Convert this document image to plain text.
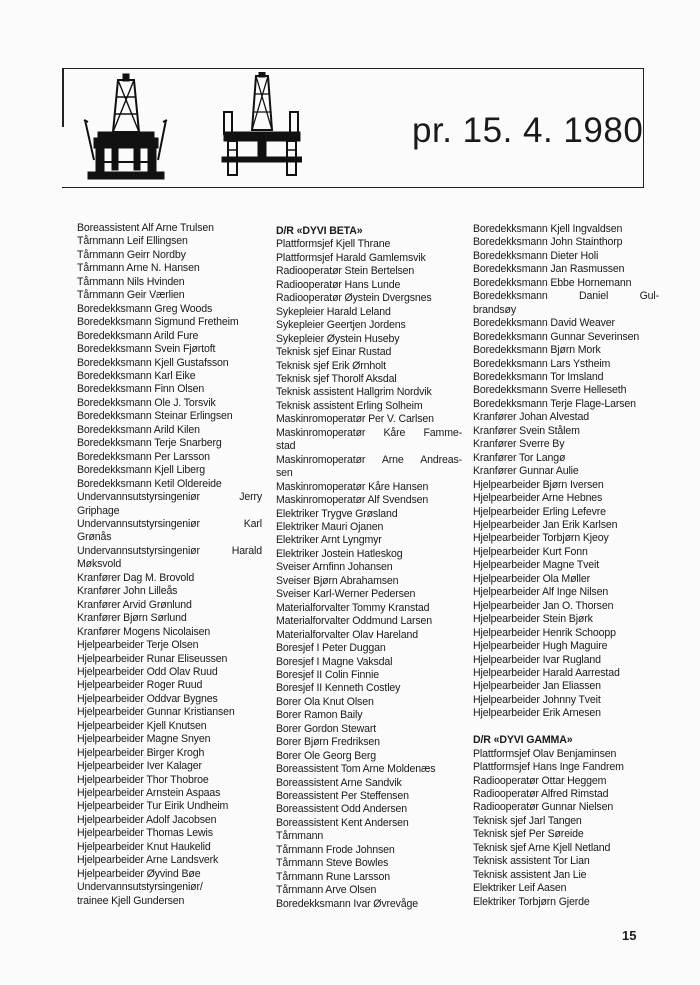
pr. 15. 4. 1980
Boreassistent Alf Arne Trulsen
Tårnmann Leif Ellingsen
Tårnmann Geirr Nordby
Tårnmann Arne N. Hansen
Tårnmann Nils Hvinden
Tårnmann Geir Værlien
Boredekksmann Greg Woods
Boredekksmann Sigmund Fretheim
Boredekksmann Arild Fure
Boredekksmann Svein Fjørtoft
Boredekksmann Kjell Gustafsson
Boredekksmann Karl Eike
Boredekksmann Finn Olsen
Boredekksmann Ole J. Torsvik
Boredekksmann Steinar Erlingsen
Boredekksmann Arild Kilen
Boredekksmann Terje Snarberg
Boredekksmann Per Larsson
Boredekksmann Kjell Liberg
Boredekksmann Ketil Oldereide
Undervannsutstyrsingeniør	Jerry
Griphage
Undervannsutstyrsingeniør	Karl
Grønås
Undervannsutstyrsingeniør	Harald
Møksvold
Kranfører Dag M. Brovold
Kranfører John Lilleås
Kranfører Arvid Grønlund
Kranfører Bjørn Sørlund
Kranfører Mogens Nicolaisen
Hjelpearbeider Terje Olsen
Hjelpearbeider Runar Eliseussen
Hjelpearbeider Odd Olav Ruud
Hjelpearbeider Roger Ruud
Hjelpearbeider Oddvar Bygnes
Hjelpearbeider Gunnar Kristiansen
Hjelpearbeider Kjell Knutsen
Hjelpearbeider Magne Snyen
Hjelpearbeider Birger Krogh
Hjelpearbeider Iver Kalager
Hjelpearbeider Thor Thobroe
Hjelpearbeider Arnstein Aspaas
Hjelpearbeider Tur Eirik Undheim
Hjelpearbeider Adolf Jacobsen
Hjelpearbeider Thomas Lewis
Hjelpearbeider Knut Haukelid
Hjelpearbeider Arne Landsverk
Hjelpearbeider Øyvind Bøe
Undervannsutstyrsingeniør/
trainee Kjell Gundersen
D/R «DYVI BETA»
Plattformsjef Kjell Thrane
Plattformsjef Harald Gamlemsvik
Radiooperatør Stein Bertelsen
Radiooperatør Hans Lunde
Radiooperatør Øystein Dvergsnes
Sykepleier Harald Leland
Sykepleier Geertjen Jordens
Sykepleier Øystein Huseby
Teknisk sjef Einar Rustad
Teknisk sjef Erik Ørnholt
Teknisk sjef Thorolf Aksdal
Teknisk assistent Hallgrim Nordvik
Teknisk assistent Erling Solheim
Maskinromoperatør Per V. Carlsen
Maskinromoperatør Kåre Famme-
stad
Maskinromoperatør Arne Andreas-
sen
Maskinromoperatør Kåre Hansen
Maskinromoperatør Alf Svendsen
Elektriker Trygve Grøsland
Elektriker Mauri Ojanen
Elektriker Arnt Lyngmyr
Elektriker Jostein Hatleskog
Sveiser Arnfinn Johansen
Sveiser Bjørn Abrahamsen
Sveiser Karl-Werner Pedersen
Materialforvalter Tommy Kranstad
Materialforvalter Oddmund Larsen
Materialforvalter Olav Hareland
Boresjef I Peter Duggan
Boresjef I Magne Vaksdal
Boresjef II Colin Finnie
Boresjef II Kenneth Costley
Borer Ola Knut Olsen
Borer Ramon Baily
Borer Gordon Stewart
Borer Bjørn Fredriksen
Borer Ole Georg Berg
Boreassistent Tom Arne Moldenæs
Boreassistent Arne Sandvik
Boreassistent Per Steffensen
Boreassistent Odd Andersen
Boreassistent Kent Andersen
Tårnmann
Tårnmann Frode Johnsen
Tårnmann Steve Bowles
Tårnmann Rune Larsson
Tårnmann Arve Olsen
Boredekksmann Ivar Øvrevåge
Boredekksmann Kjell Ingvaldsen
Boredekksmann John Stainthorp
Boredekksmann Dieter Holi
Boredekksmann Jan Rasmussen
Boredekksmann Ebbe Hornemann
Boredekksmann	Daniel	Gul-
brandsøy
Boredekksmann David Weaver
Boredekksmann Gunnar Severinsen
Boredekksmann Bjørn Mork
Boredekksmann Lars Ystheim
Boredekksmann Tor Imsland
Boredekksmann Sverre Helleseth
Boredekksmann Terje Flage-Larsen
Kranfører Johan Alvestad
Kranfører Svein Stålem
Kranfører Sverre By
Kranfører Tor Langø
Kranfører Gunnar Aulie
Hjelpearbeider Bjørn Iversen
Hjelpearbeider Arne Hebnes
Hjelpearbeider Erling Lefevre
Hjelpearbeider Jan Erik Karlsen
Hjelpearbeider Torbjørn Kjeoy
Hjelpearbeider Kurt Fonn
Hjelpearbeider Magne Tveit
Hjelpearbeider Ola Møller
Hjelpearbeider Alf Inge Nilsen
Hjelpearbeider Jan O. Thorsen
Hjelpearbeider Stein Bjørk
Hjelpearbeider Henrik Schoopp
Hjelpearbeider Hugh Maguire
Hjelpearbeider Ivar Rugland
Hjelpearbeider Harald Aarrestad
Hjelpearbeider Jan Eliassen
Hjelpearbeider Johnny Tveit
Hjelpearbeider Erik Arnesen
D/R «DYVI GAMMA»
Plattformsjef Olav Benjaminsen
Plattformsjef Hans Inge Fandrem
Radiooperatør Ottar Heggem
Radiooperatør Alfred Rimstad
Radiooperatør Gunnar Nielsen
Teknisk sjef Jarl Tangen
Teknisk sjef Per Søreide
Teknisk sjef Arne Kjell Netland
Teknisk assistent Tor Lian
Teknisk assistent Jan Lie
Elektriker Leif Aasen
Elektriker Torbjørn Gjerde
15
